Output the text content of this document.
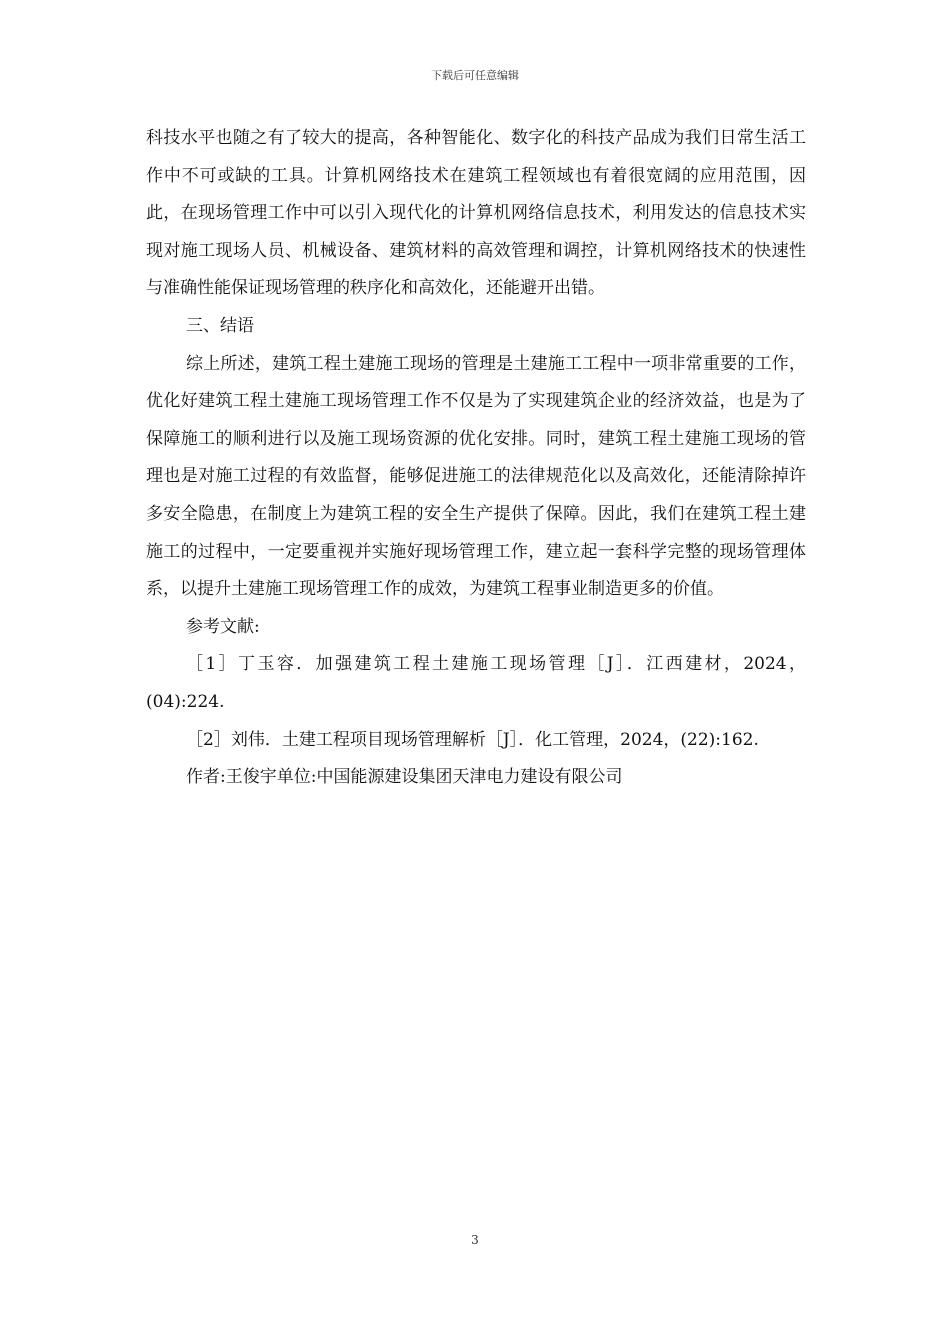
下载后可任意编辑

科技水平也随之有了较大的提高，各种智能化、数字化的科技产品成为我们日常生活工作中不可或缺的工具。计算机网络技术在建筑工程领域也有着很宽阔的应用范围，因此，在现场管理工作中可以引入现代化的计算机网络信息技术，利用发达的信息技术实现对施工现场人员、机械设备、建筑材料的高效管理和调控，计算机网络技术的快速性与准确性能保证现场管理的秩序化和高效化，还能避开出错。

三、结语

综上所述，建筑工程土建施工现场的管理是土建施工工程中一项非常重要的工作，优化好建筑工程土建施工现场管理工作不仅是为了实现建筑企业的经济效益，也是为了保障施工的顺利进行以及施工现场资源的优化安排。同时，建筑工程土建施工现场的管理也是对施工过程的有效监督，能够促进施工的法律规范化以及高效化，还能清除掉许多安全隐患，在制度上为建筑工程的安全生产提供了保障。因此，我们在建筑工程土建施工的过程中，一定要重视并实施好现场管理工作，建立起一套科学完整的现场管理体系，以提升土建施工现场管理工作的成效，为建筑工程事业制造更多的价值。

参考文献:

［1］丁玉容．加强建筑工程土建施工现场管理［J］．江西建材，2024，(04):224.

［2］刘伟．土建工程项目现场管理解析［J］．化工管理，2024，(22):162.

作者:王俊宇单位:中国能源建设集团天津电力建设有限公司

3
